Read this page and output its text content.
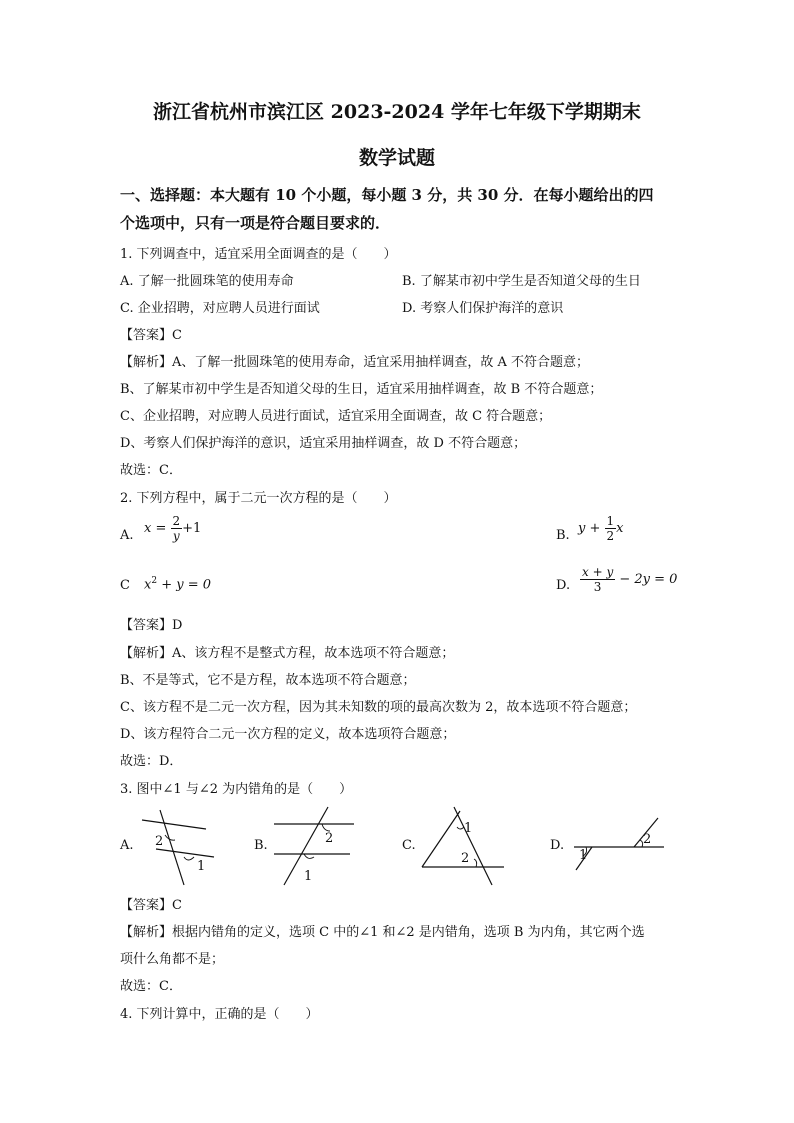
浙江省杭州市滨江区 2023-2024 学年七年级下学期期末
数学试题
一、选择题：本大题有 10 个小题，每小题 3 分，共 30 分．在每小题给出的四
个选项中，只有一项是符合题目要求的．
1. 下列调查中，适宜采用全面调查的是（　　）
A. 了解一批圆珠笔的使用寿命	B. 了解某市初中学生是否知道父母的生日
C. 企业招聘，对应聘人员进行面试	D. 考察人们保护海洋的意识
【答案】C
【解析】A、了解一批圆珠笔的使用寿命，适宜采用抽样调查，故 A 不符合题意；
B、了解某市初中学生是否知道父母的生日，适宜采用抽样调查，故 B 不符合题意；
C、企业招聘，对应聘人员进行面试，适宜采用全面调查，故 C 符合题意；
D、考察人们保护海洋的意识，适宜采用抽样调查，故 D 不符合题意；
故选：C．
2. 下列方程中，属于二元一次方程的是（　　）
A. $x = \frac{2}{y} +1$	B. $y + \frac{1}{2}$ x
C $x^2 + y = 0$	D. $\frac{x + y}{3} - 2y = 0$
【答案】D
【解析】A、该方程不是整式方程，故本选项不符合题意；
B、不是等式，它不是方程，故本选项不符合题意；
C、该方程不是二元一次方程，因为其未知数的项的最高次数为 2，故本选项不符合题意；
D、该方程符合二元一次方程的定义，故本选项符合题意；
故选：D．
3. 图中∠1 与∠2 为内错角的是（　　）
A. 2
1
B.	2
1
C.
1
2
D.
1
2
【答案】C
【解析】根据内错角的定义，选项 C 中的∠1 和∠2 是内错角，选项 B 为内角，其它两个选
项什么角都不是；
故选：C．
4. 下列计算中，正确的是（　　）
